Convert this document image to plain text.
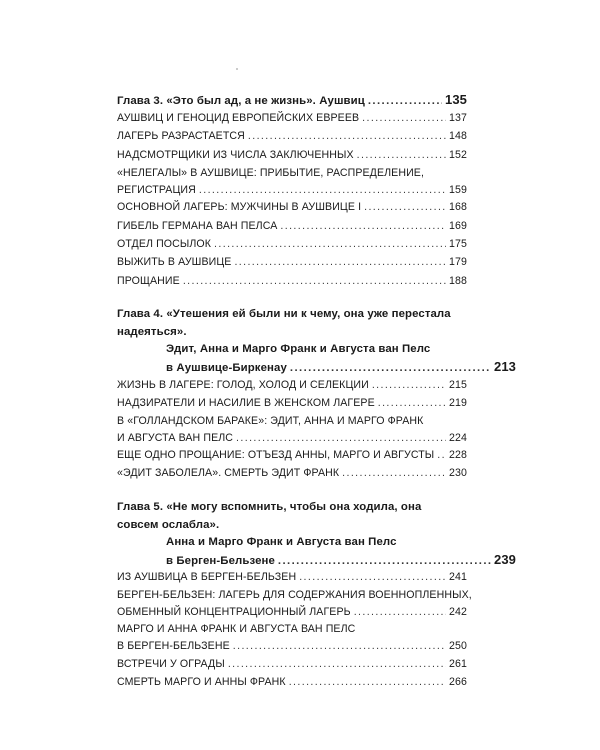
Глава 3. «Это был ад, а не жизнь». Аушвиц .....	135
АУШВИЦ И ГЕНОЦИД ЕВРОПЕЙСКИХ ЕВРЕЕВ .....	137
ЛАГЕРЬ РАЗРАСТАЕТСЯ .....	148
НАДСМОТРЩИКИ ИЗ ЧИСЛА ЗАКЛЮЧЕННЫХ .....	152
«НЕЛЕГАЛЫ» В АУШВИЦЕ: ПРИБЫТИЕ, РАСПРЕДЕЛЕНИЕ,
РЕГИСТРАЦИЯ .....	159
ОСНОВНОЙ ЛАГЕРЬ: МУЖЧИНЫ В АУШВИЦЕ I .....	168
ГИБЕЛЬ ГЕРМАНА ВАН ПЕЛСА .....	169
ОТДЕЛ ПОСЫЛОК .....	175
ВЫЖИТЬ В АУШВИЦЕ .....	179
ПРОЩАНИЕ .....	188
Глава 4. «Утешения ей были ни к чему, она уже перестала
надеяться».
Эдит, Анна и Марго Франк и Августа ван Пелс
в Аушвице-Биркенау .....	213
ЖИЗНЬ В ЛАГЕРЕ: ГОЛОД, ХОЛОД И СЕЛЕКЦИИ .....	215
НАДЗИРАТЕЛИ И НАСИЛИЕ В ЖЕНСКОМ ЛАГЕРЕ .....	219
В «ГОЛЛАНДСКОМ БАРАКЕ»: ЭДИТ, АННА И МАРГО ФРАНК
И АВГУСТА ВАН ПЕЛС .....	224
ЕЩЕ ОДНО ПРОЩАНИЕ: ОТЪЕЗД АННЫ, МАРГО И АВГУСТЫ ..... 228
«ЭДИТ ЗАБОЛЕЛА». СМЕРТЬ ЭДИТ ФРАНК .....	230
Глава 5. «Не могу вспомнить, чтобы она ходила, она
совсем ослабла».
Анна и Марго Франк и Августа ван Пелс
в Берген-Бельзене .....	239
ИЗ АУШВИЦА В БЕРГЕН-БЕЛЬЗЕН .....	241
БЕРГЕН-БЕЛЬЗЕН: ЛАГЕРЬ ДЛЯ СОДЕРЖАНИЯ ВОЕННОПЛЕННЫХ,
ОБМЕННЫЙ КОНЦЕНТРАЦИОННЫЙ ЛАГЕРЬ .....	242
МАРГО И АННА ФРАНК И АВГУСТА ВАН ПЕЛС
В БЕРГЕН-БЕЛЬЗЕНЕ .....	250
ВСТРЕЧИ У ОГРАДЫ .....	261
СМЕРТЬ МАРГО И АННЫ ФРАНК .....	266
